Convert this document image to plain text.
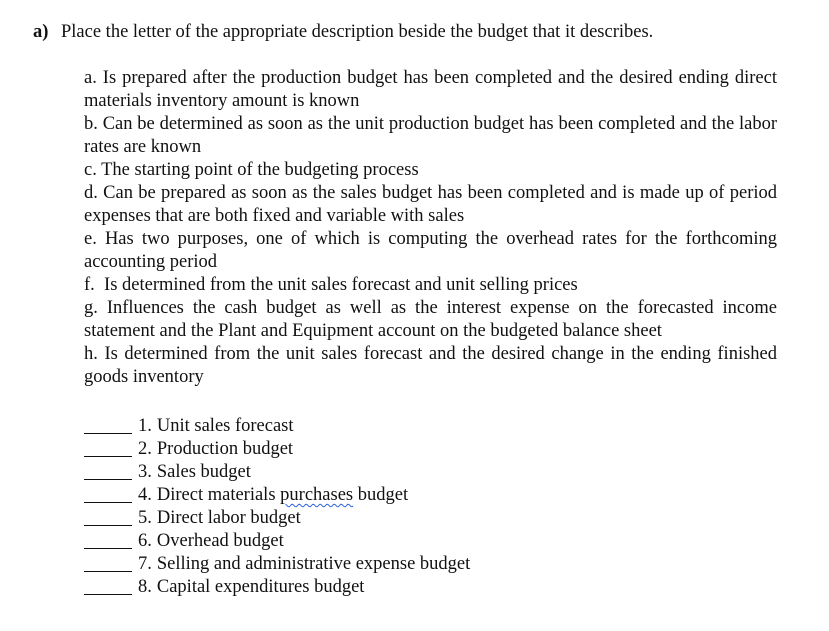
a) Place the letter of the appropriate description beside the budget that it describes.
a. Is prepared after the production budget has been completed and the desired ending direct materials inventory amount is known
b. Can be determined as soon as the unit production budget has been completed and the labor rates are known
c. The starting point of the budgeting process
d. Can be prepared as soon as the sales budget has been completed and is made up of period expenses that are both fixed and variable with sales
e. Has two purposes, one of which is computing the overhead rates for the forthcoming accounting period
f.  Is determined from the unit sales forecast and unit selling prices
g. Influences the cash budget as well as the interest expense on the forecasted income statement and the Plant and Equipment account on the budgeted balance sheet
h. Is determined from the unit sales forecast and the desired change in the ending finished goods inventory
1. Unit sales forecast
2. Production budget
3. Sales budget
4. Direct materials purchases budget
5. Direct labor budget
6. Overhead budget
7. Selling and administrative expense budget
8. Capital expenditures budget
